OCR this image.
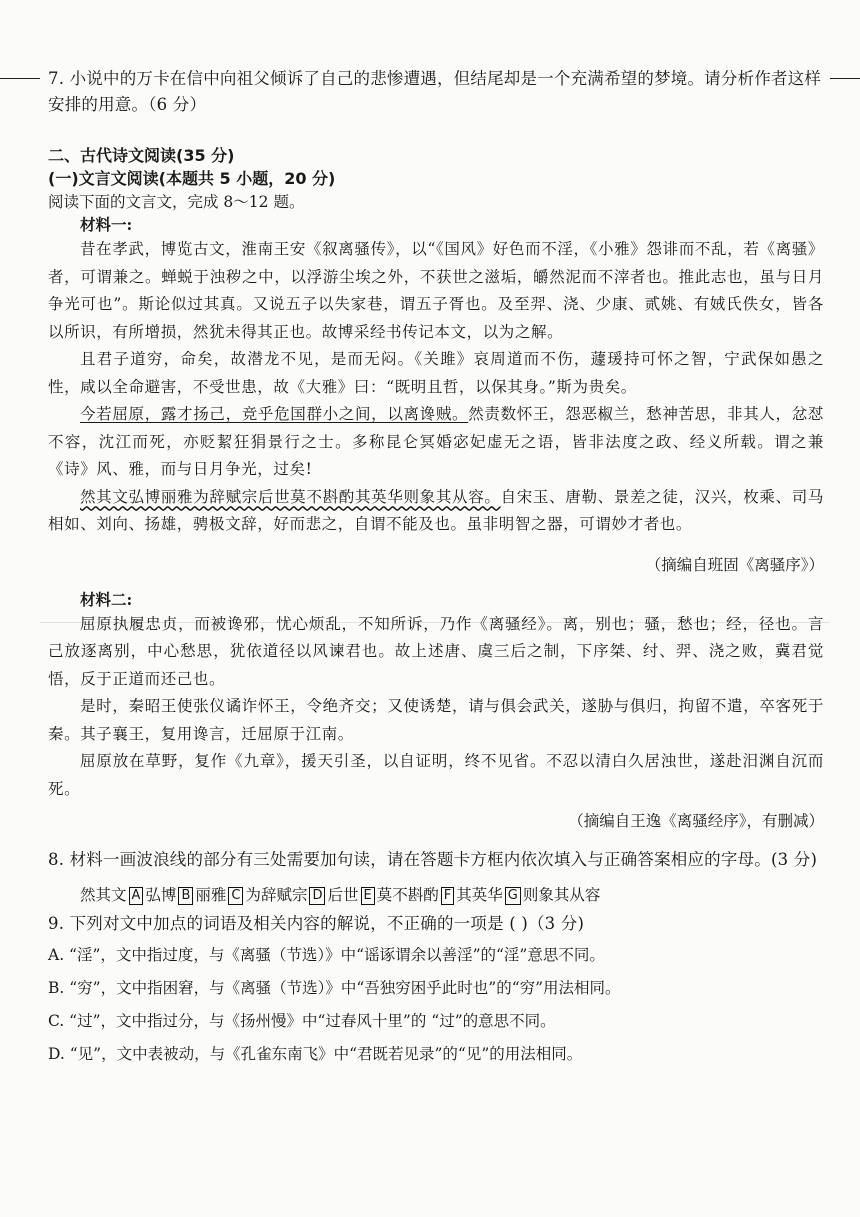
7. 小说中的万卡在信中向祖父倾诉了自己的悲惨遭遇，但结尾却是一个充满希望的梦境。请分析作者这样安排的用意。（6 分）

二、古代诗文阅读(35 分)

(一)文言文阅读(本题共 5 小题，20 分)

阅读下面的文言文，完成 8～12 题。

材料一:

昔在孝武，博览古文，淮南王安《叙离骚传》，以“《国风》好色而不淫，《小雅》怨诽而不乱，若《离骚》者，可谓兼之。蝉蜕于浊秽之中，以浮游尘埃之外，不获世之滋垢，皭然泥而不滓者也。推此志也，虽与日月争光可也”。斯论似过其真。又说五子以失家巷，谓五子胥也。及至羿、浇、少康、贰姚、有娀氏佚女，皆各以所识，有所增损，然犹未得其正也。故博采经书传记本文，以为之解。

且君子道穷，命矣，故潜龙不见，是而无闷。《关雎》哀周道而不伤，蘧瑗持可怀之智，宁武保如愚之性，咸以全命避害，不受世患，故《大雅》曰：“既明且哲，以保其身。”斯为贵矣。

今若屈原，露才扬己，竞乎危国群小之间，以离谗贼。然责数怀王，怨恶椒兰，愁神苦思，非其人，忿怼不容，沈江而死，亦贬絜狂狷景行之士。多称昆仑冥婚宓妃虚无之语，皆非法度之政、经义所载。谓之兼《诗》风、雅，而与日月争光，过矣!

然其文弘博丽雅为辞赋宗后世莫不斟酌其英华则象其从容。自宋玉、唐勒、景差之徒，汉兴，枚乘、司马相如、刘向、扬雄，骋极文辞，好而悲之，自谓不能及也。虽非明智之器，可谓妙才者也。

（摘编自班固《离骚序》）

材料二:

屈原执履忠贞，而被谗邪，忧心烦乱，不知所诉，乃作《离骚经》。离，别也；骚，愁也；经，径也。言己放逐离别，中心愁思，犹依道径以风谏君也。故上述唐、虞三后之制，下序桀、纣、羿、浇之败，冀君觉悟，反于正道而还己也。

是时，秦昭王使张仪谲诈怀王，令绝齐交；又使诱楚，请与俱会武关，遂胁与俱归，拘留不遣，卒客死于秦。其子襄王，复用谗言，迁屈原于江南。

屈原放在草野，复作《九章》，援天引圣，以自证明，终不见省。不忍以清白久居浊世，遂赴汨渊自沉而死。

（摘编自王逸《离骚经序》，有删减）

8. 材料一画波浪线的部分有三处需要加句读，请在答题卡方框内依次填入与正确答案相应的字母。(3 分)

然其文 A 弘博 B 丽雅 C 为辞赋宗 D 后世 E 莫不斟酌 F 其英华 G 则象其从容

9. 下列对文中加点的词语及相关内容的解说，不正确的一项是 ( )（3 分)

A. “淫”，文中指过度，与《离骚（节选）》中“谣诼谓余以善淫”的“淫”意思不同。

B. “穷”，文中指困窘，与《离骚（节选）》中“吾独穷困乎此时也”的“穷”用法相同。

C. “过”，文中指过分，与《扬州慢》中“过春风十里”的 “过”的意思不同。

D. “见”，文中表被动，与《孔雀东南飞》中“君既若见录”的“见”的用法相同。
